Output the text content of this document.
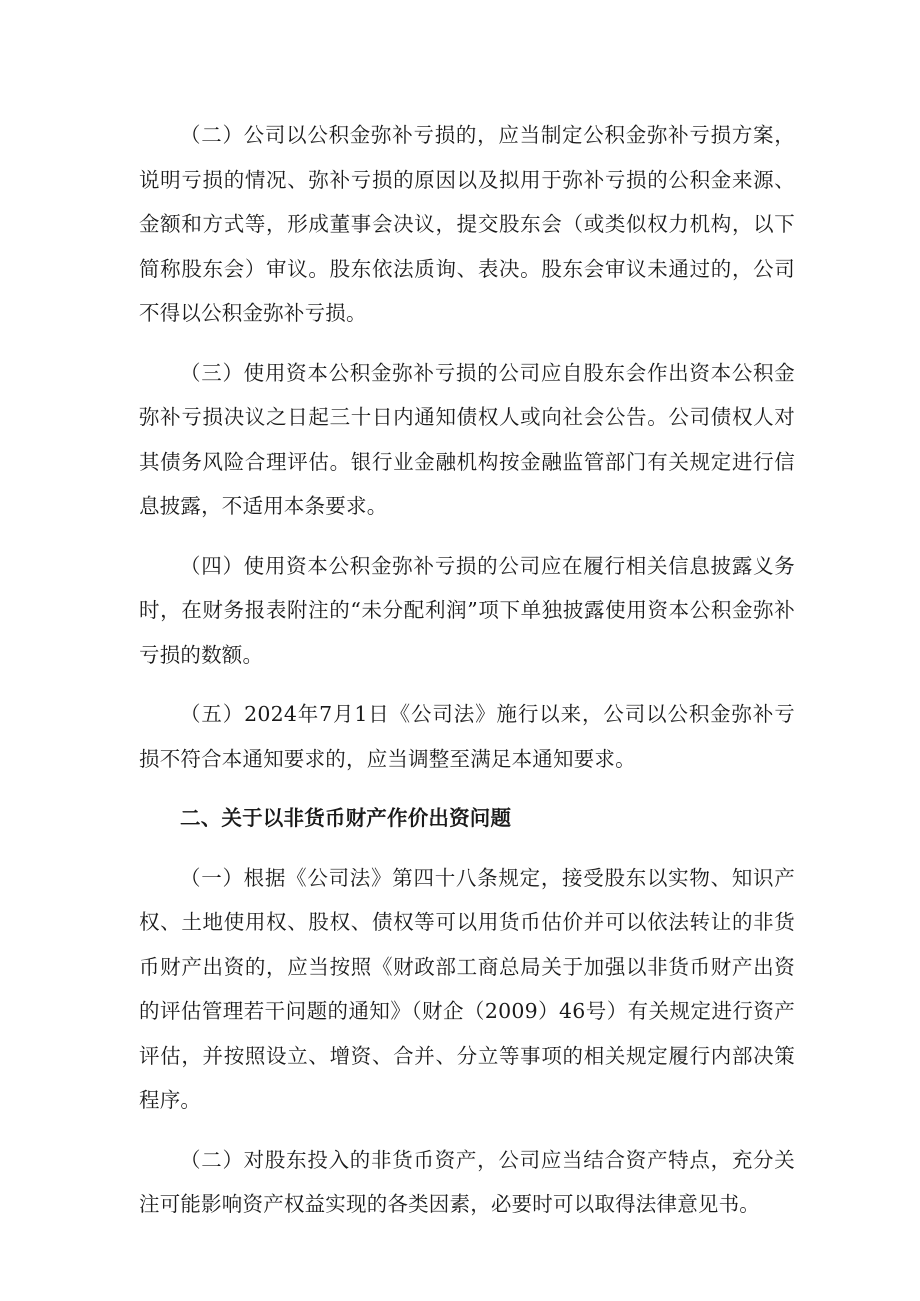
（二）公司以公积金弥补亏损的，应当制定公积金弥补亏损方案，说明亏损的情况、弥补亏损的原因以及拟用于弥补亏损的公积金来源、金额和方式等，形成董事会决议，提交股东会（或类似权力机构，以下简称股东会）审议。股东依法质询、表决。股东会审议未通过的，公司不得以公积金弥补亏损。

（三）使用资本公积金弥补亏损的公司应自股东会作出资本公积金弥补亏损决议之日起三十日内通知债权人或向社会公告。公司债权人对其债务风险合理评估。银行业金融机构按金融监管部门有关规定进行信息披露，不适用本条要求。

（四）使用资本公积金弥补亏损的公司应在履行相关信息披露义务时，在财务报表附注的“未分配利润”项下单独披露使用资本公积金弥补亏损的数额。

（五）2024年7月1日《公司法》施行以来，公司以公积金弥补亏损不符合本通知要求的，应当调整至满足本通知要求。

二、关于以非货币财产作价出资问题

（一）根据《公司法》第四十八条规定，接受股东以实物、知识产权、土地使用权、股权、债权等可以用货币估价并可以依法转让的非货币财产出资的，应当按照《财政部工商总局关于加强以非货币财产出资的评估管理若干问题的通知》（财企（2009）46号）有关规定进行资产评估，并按照设立、增资、合并、分立等事项的相关规定履行内部决策程序。

（二）对股东投入的非货币资产，公司应当结合资产特点，充分关注可能影响资产权益实现的各类因素，必要时可以取得法律意见书。
